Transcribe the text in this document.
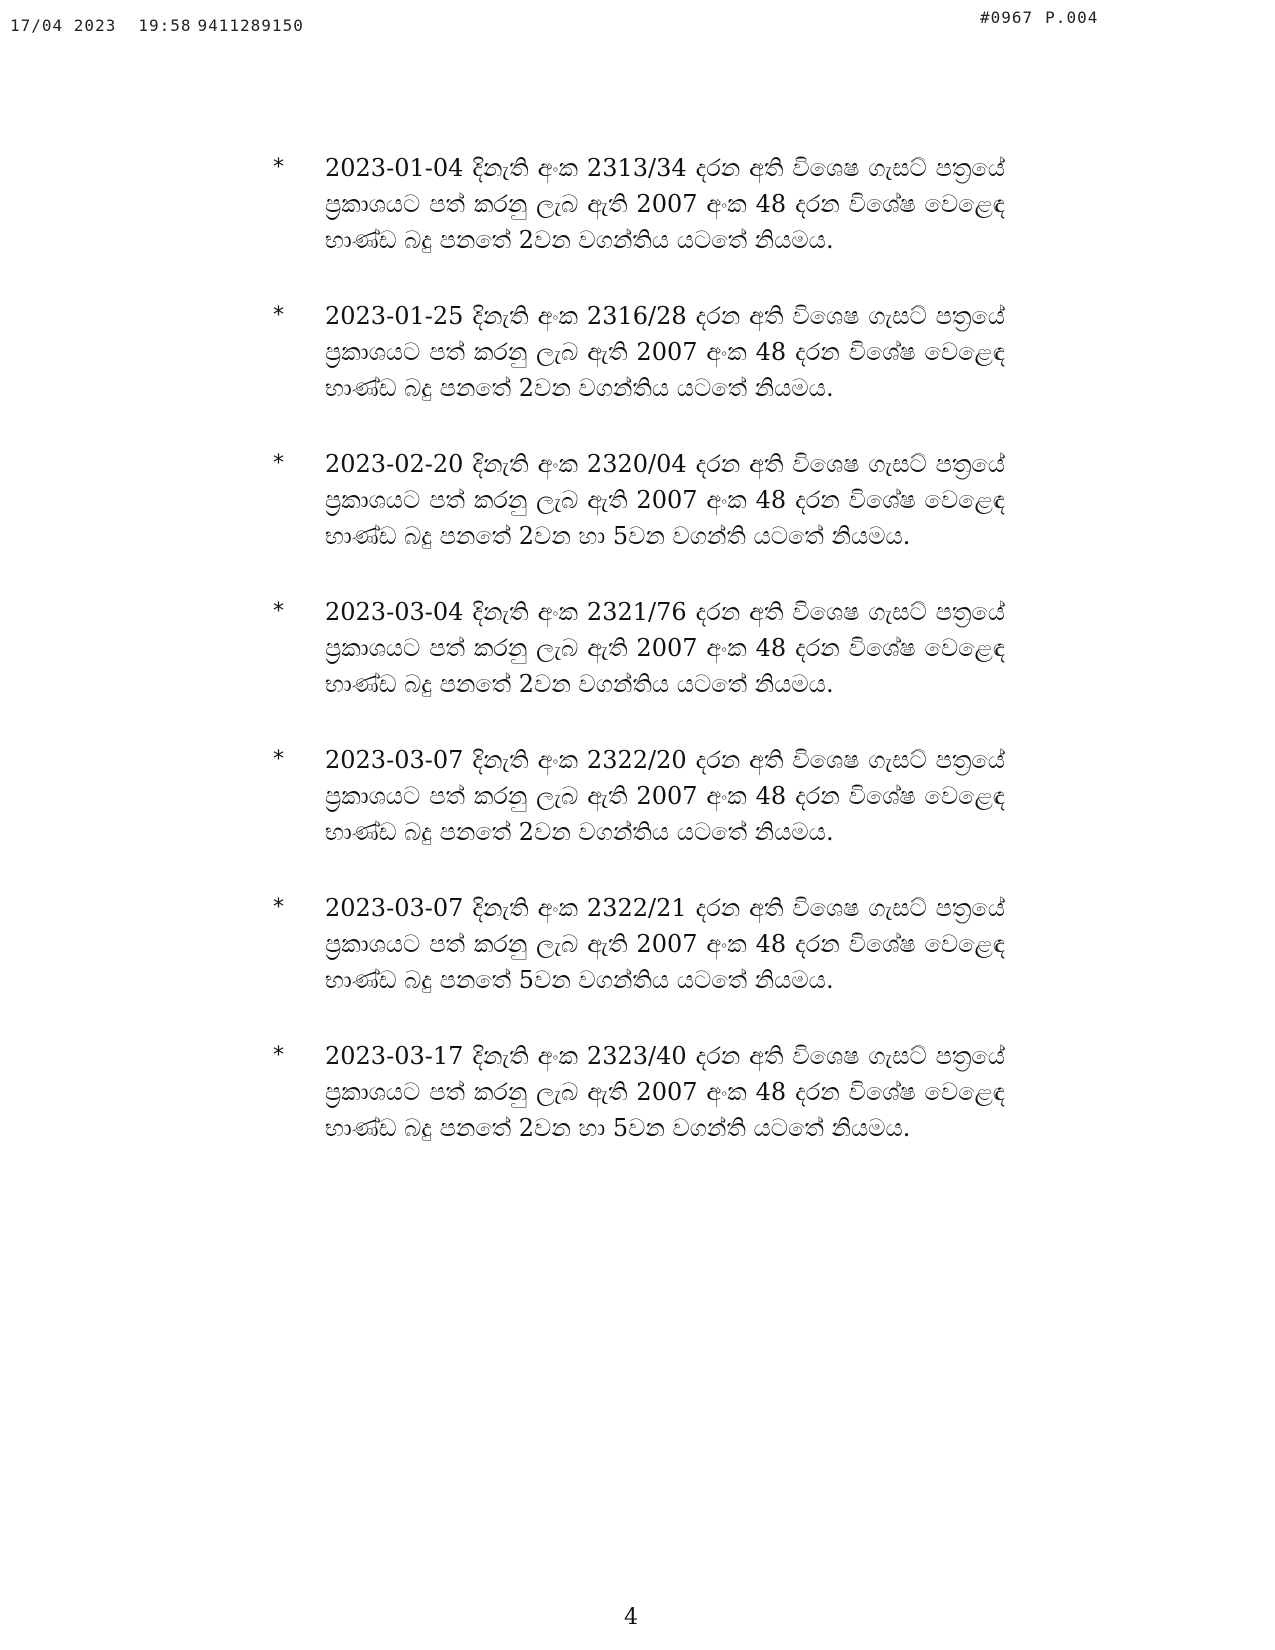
17/04 2023 19:58 9411289150	#0967 P.004
* 2023-01-04 දිනැති අංක 2313/34 දරන අති විශෙෂ ගැසට් පත්‍රයේ ප්‍රකාශයට පත් කරනු ලැබ ඇති 2007 අංක 48 දරන විශේෂ වෙළෙඳ භාණ්ඩ බදු පනතේ 2වන වගන්තිය යටතේ නියමය.
* 2023-01-25 දිනැති අංක 2316/28 දරන අති විශෙෂ ගැසට් පත්‍රයේ ප්‍රකාශයට පත් කරනු ලැබ ඇති 2007 අංක 48 දරන විශේෂ වෙළෙඳ භාණ්ඩ බදු පනතේ 2වන වගන්තිය යටතේ නියමය.
* 2023-02-20 දිනැති අංක 2320/04 දරන අති විශෙෂ ගැසට් පත්‍රයේ ප්‍රකාශයට පත් කරනු ලැබ ඇති 2007 අංක 48 දරන විශේෂ වෙළෙඳ භාණ්ඩ බදු පනතේ 2වන හා 5වන වගන්ති යටතේ නියමය.
* 2023-03-04 දිනැති අංක 2321/76 දරන අති විශෙෂ ගැසට් පත්‍රයේ ප්‍රකාශයට පත් කරනු ලැබ ඇති 2007 අංක 48 දරන විශේෂ වෙළෙඳ භාණ්ඩ බදු පනතේ 2වන වගන්තිය යටතේ නියමය.
* 2023-03-07 දිනැති අංක 2322/20 දරන අති විශෙෂ ගැසට් පත්‍රයේ ප්‍රකාශයට පත් කරනු ලැබ ඇති 2007 අංක 48 දරන විශේෂ වෙළෙඳ භාණ්ඩ බදු පනතේ 2වන වගන්තිය යටතේ නියමය.
* 2023-03-07 දිනැති අංක 2322/21 දරන අති විශෙෂ ගැසට් පත්‍රයේ ප්‍රකාශයට පත් කරනු ලැබ ඇති 2007 අංක 48 දරන විශේෂ වෙළෙඳ භාණ්ඩ බදු පනතේ 5වන වගන්තිය යටතේ නියමය.
* 2023-03-17 දිනැති අංක 2323/40 දරන අති විශෙෂ ගැසට් පත්‍රයේ ප්‍රකාශයට පත් කරනු ලැබ ඇති 2007 අංක 48 දරන විශේෂ වෙළෙඳ භාණ්ඩ බදු පනතේ 2වන හා 5වන වගන්ති යටතේ නියමය.
4
